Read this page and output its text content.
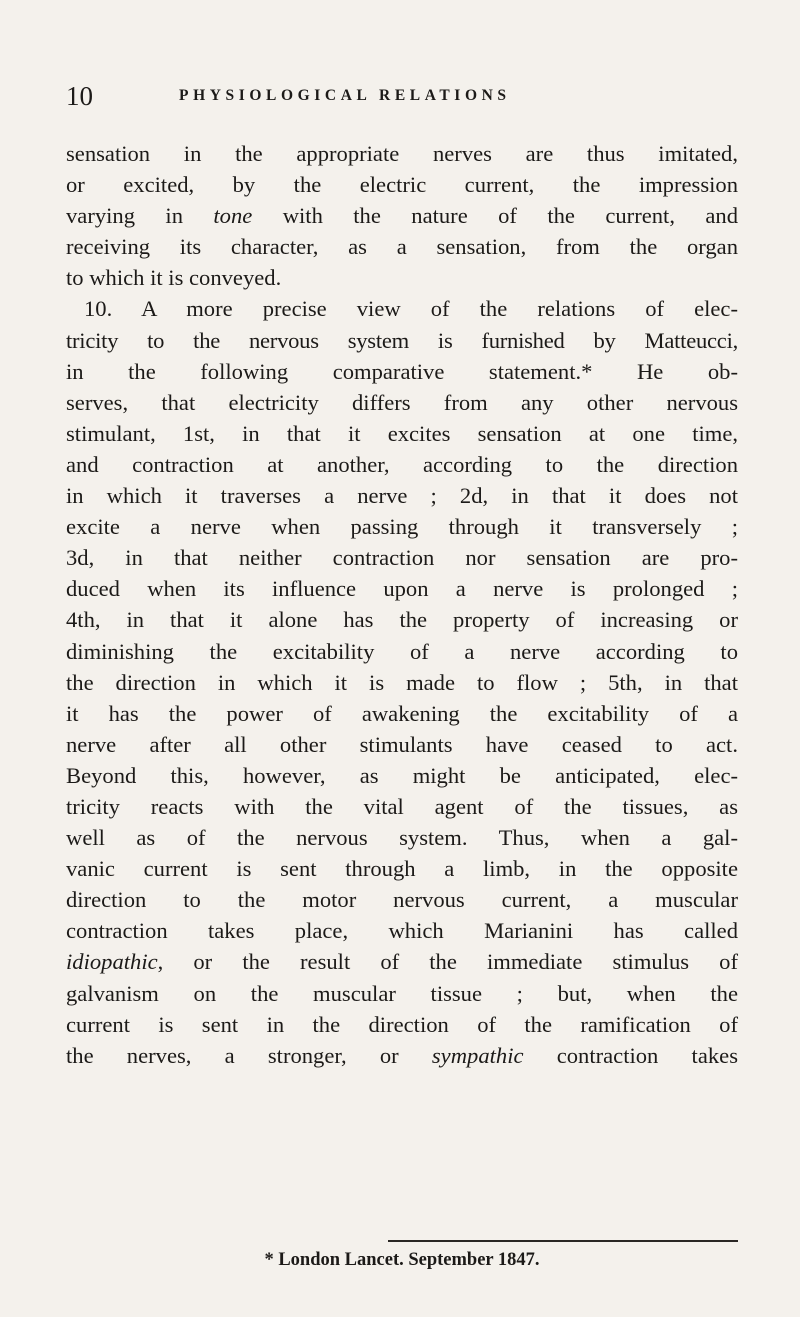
10	PHYSIOLOGICAL RELATIONS
sensation in the appropriate nerves are thus imitated,
or excited, by the electric current, the impression
varying in tone with the nature of the current, and
receiving its character, as a sensation, from the organ
to which it is conveyed.
10. A more precise view of the relations of elec-
tricity to the nervous system is furnished by Matteucci,
in the following comparative statement.* He ob-
serves, that electricity differs from any other nervous
stimulant, 1st, in that it excites sensation at one time,
and contraction at another, according to the direction
in which it traverses a nerve ; 2d, in that it does not
excite a nerve when passing through it transversely ;
3d, in that neither contraction nor sensation are pro-
duced when its influence upon a nerve is prolonged ;
4th, in that it alone has the property of increasing or
diminishing the excitability of a nerve according to
the direction in which it is made to flow ; 5th, in that
it has the power of awakening the excitability of a
nerve after all other stimulants have ceased to act.
Beyond this, however, as might be anticipated, elec-
tricity reacts with the vital agent of the tissues, as
well as of the nervous system. Thus, when a gal-
vanic current is sent through a limb, in the opposite
direction to the motor nervous current, a muscular
contraction takes place, which Marianini has called
idiopathic, or the result of the immediate stimulus of
galvanism on the muscular tissue ; but, when the
current is sent in the direction of the ramification of
the nerves, a stronger, or sympathic contraction takes
* London Lancet. September 1847.
